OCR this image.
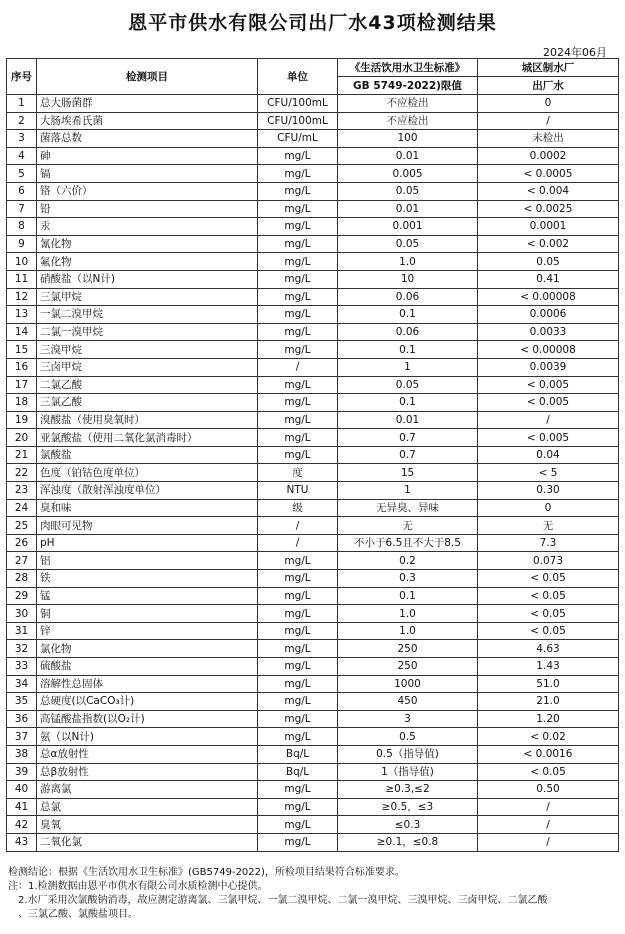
恩平市供水有限公司出厂水43项检测结果
2024年06月
序号	检测项目	单位	《生活饮用水卫生标准》	城区制水厂
			GB 5749-2022)限值	出厂水
1	总大肠菌群	CFU/100mL	不应检出	0
2	大肠埃希氏菌	CFU/100mL	不应检出	/
3	菌落总数	CFU/mL	100	未检出
4	砷	mg/L	0.01	0.0002
5	镉	mg/L	0.005	< 0.0005
6	铬（六价）	mg/L	0.05	< 0.004
7	铅	mg/L	0.01	< 0.0025
8	汞	mg/L	0.001	0.0001
9	氰化物	mg/L	0.05	< 0.002
10	氟化物	mg/L	1.0	0.05
11	硝酸盐（以N计)	mg/L	10	0.41
12	三氯甲烷	mg/L	0.06	< 0.00008
13	一氯二溴甲烷	mg/L	0.1	0.0006
14	二氯一溴甲烷	mg/L	0.06	0.0033
15	三溴甲烷	mg/L	0.1	< 0.00008
16	三卤甲烷	/	1	0.0039
17	二氯乙酸	mg/L	0.05	< 0.005
18	三氯乙酸	mg/L	0.1	< 0.005
19	溴酸盐（使用臭氧时）	mg/L	0.01	/
20	亚氯酸盐（使用二氧化氯消毒时）	mg/L	0.7	< 0.005
21	氯酸盐	mg/L	0.7	0.04
22	色度（铂钴色度单位）	度	15	< 5
23	浑浊度（散射浑浊度单位）	NTU	1	0.30
24	臭和味	级	无异臭、异味	0
25	肉眼可见物	/	无	无
26	pH	/	不小于6.5且不大于8.5	7.3
27	铝	mg/L	0.2	0.073
28	铁	mg/L	0.3	< 0.05
29	锰	mg/L	0.1	< 0.05
30	铜	mg/L	1.0	< 0.05
31	锌	mg/L	1.0	< 0.05
32	氯化物	mg/L	250	4.63
33	硫酸盐	mg/L	250	1.43
34	溶解性总固体	mg/L	1000	51.0
35	总硬度(以CaCO₃计)	mg/L	450	21.0
36	高锰酸盐指数(以O₂计)	mg/L	3	1.20
37	氨（以N计)	mg/L	0.5	< 0.02
38	总α放射性	Bq/L	0.5（指导值)	< 0.0016
39	总β放射性	Bq/L	1（指导值)	< 0.05
40	游离氯	mg/L	≥0.3,≤2	0.50
41	总氯	mg/L	≥0.5，≤3	/
42	臭氧	mg/L	≤0.3	/
43	二氧化氯	mg/L	≥0.1，≤0.8	/
检测结论：根据《生活饮用水卫生标准》(GB5749-2022)，所检项目结果符合标准要求。
注：1.检测数据由恩平市供水有限公司水质检测中心提供。
2.水厂采用次氯酸钠消毒，故应测定游离氯、三氯甲烷、一氯二溴甲烷、二氯一溴甲烷、三溴甲烷、三卤甲烷、二氯乙酸
、三氯乙酸、氯酸盐项目。
